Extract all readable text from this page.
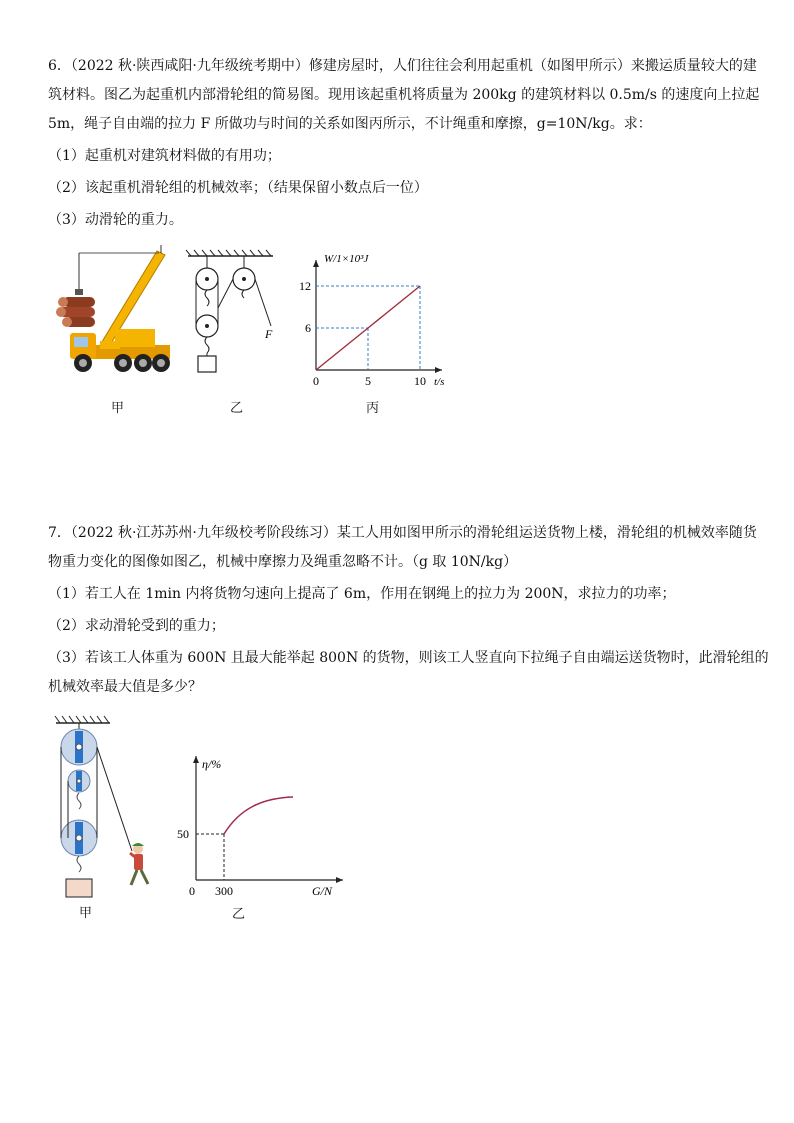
6．（2022 秋·陕西咸阳·九年级统考期中）修建房屋时，人们往往会利用起重机（如图甲所示）来搬运质量较大的建
筑材料。图乙为起重机内部滑轮组的简易图。现用该起重机将质量为 200kg 的建筑材料以 0.5m/s 的速度向上拉起
5m，绳子自由端的拉力 F 所做功与时间的关系如图丙所示，不计绳重和摩擦，g=10N/kg。求：
（1）起重机对建筑材料做的有用功；
（2）该起重机滑轮组的机械效率；（结果保留小数点后一位）
（3）动滑轮的重力。
甲
F
乙
5	10
6
12
0	t/s
W/1×10³J
丙
7．（2022 秋·江苏苏州·九年级校考阶段练习）某工人用如图甲所示的滑轮组运送货物上楼，滑轮组的机械效率随货
物重力变化的图像如图乙，机械中摩擦力及绳重忽略不计。（g 取 10N/kg）
（1）若工人在 1min 内将货物匀速向上提高了 6m，作用在钢绳上的拉力为 200N，求拉力的功率；
（2）求动滑轮受到的重力；
（3）若该工人体重为 600N 且最大能举起 800N 的货物，则该工人竖直向下拉绳子自由端运送货物时，此滑轮组的
机械效率最大值是多少？
甲
300
50
0	G/N
η/%
乙
